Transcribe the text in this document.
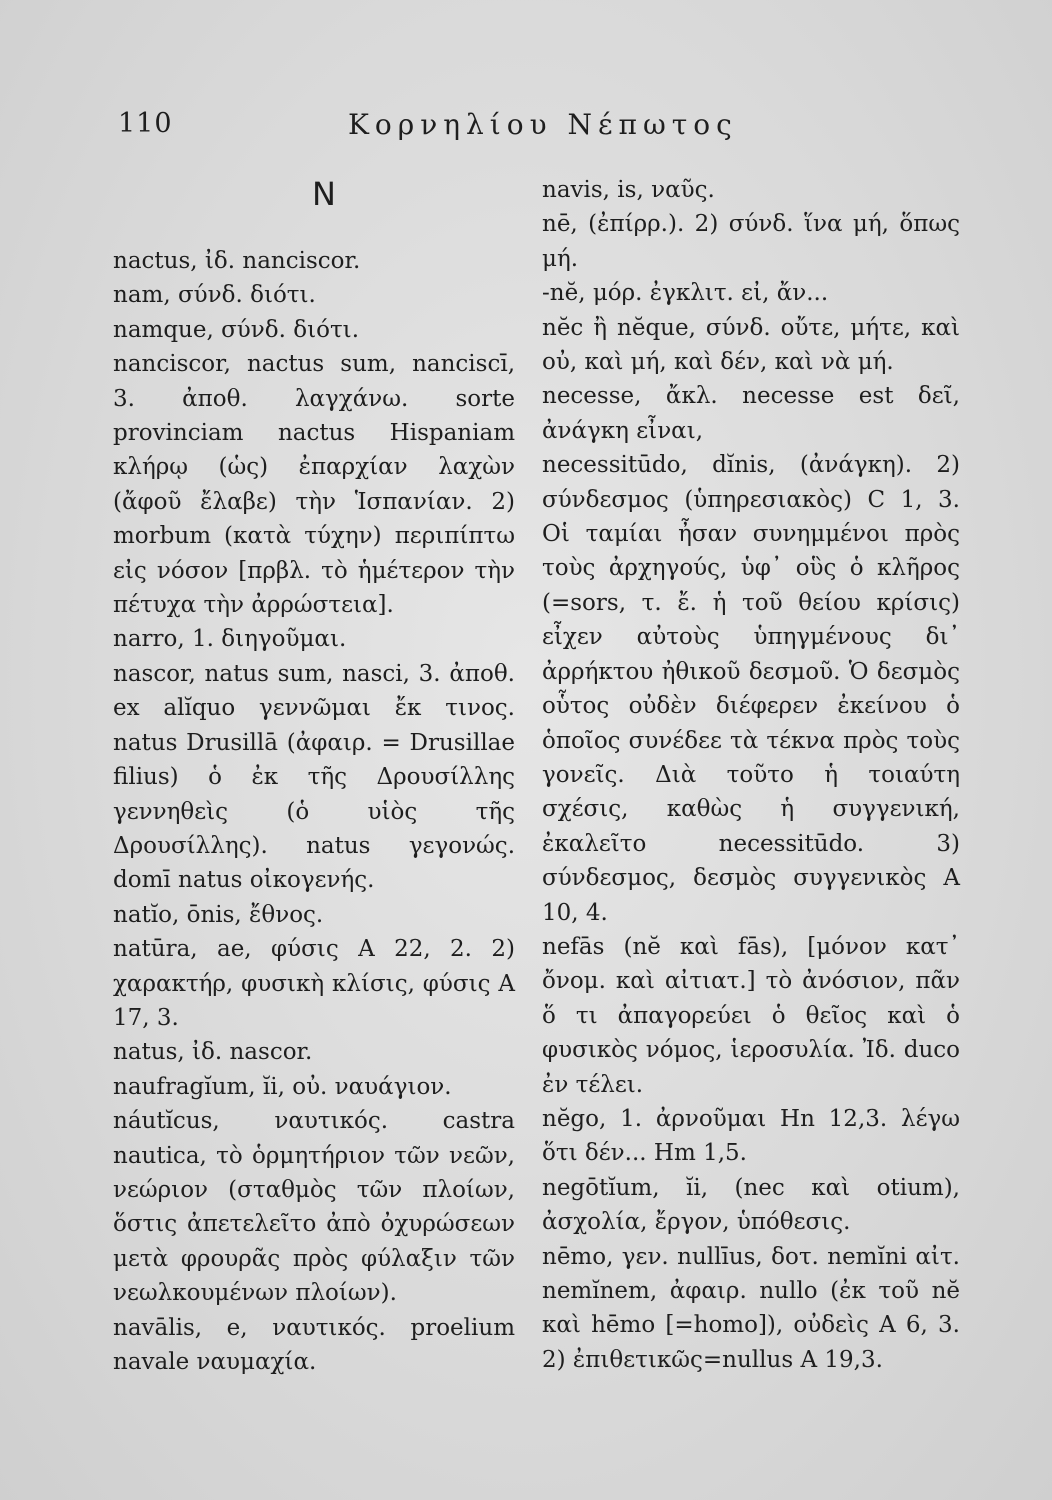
110	Κορνηλίου Νέπωτος
N

nactus, ἰδ. nanciscor.

nam, σύνδ. διότι.

namque, σύνδ. διότι.

nanciscor, nactus sum, nanciscī, 3. ἀποθ. λαγχάνω. sorte provinciam nactus Hispaniam κλήρῳ (ὡς) ἐπαρχίαν λαχὼν (ἄφοῦ ἔλαβε) τὴν Ἱσπανίαν. 2) morbum (κατὰ τύχην) περιπίπτω εἰς νόσον [πρβλ. τὸ ἡμέτερον τὴν πέτυχα τὴν ἀρρώστεια].

narro, 1. διηγοῦμαι.

nascor, natus sum, nasci, 3. ἀποθ. ex alĭquo γεννῶμαι ἔκ τινος. natus Drusillā (ἀφαιρ. = Drusillae filius) ὁ ἐκ τῆς Δρουσίλλης γεννηθεὶς (ὁ υἱὸς τῆς Δρουσίλλης). natus γεγονώς. domī natus οἰκογενής.

natĭo, ōnis, ἔθνος.

natūra, ae, φύσις A 22, 2. 2) χαρακτήρ, φυσικὴ κλίσις, φύσις A 17, 3.

natus, ἰδ. nascor.

naufragĭum, ĭi, οὐ. ναυάγιον.

náutĭcus, ναυτικός. castra nautica, τὸ ὁρμητήριον τῶν νεῶν, νεώριον (σταθμὸς τῶν πλοίων, ὅστις ἀπετελεῖτο ἀπὸ ὀχυρώσεων μετὰ φρουρᾶς πρὸς φύλαξιν τῶν νεωλκουμένων πλοίων).

navālis, e, ναυτικός. proelium navale ναυμαχία.

navis, is, ναῦς.

nē, (ἐπίρρ.). 2) σύνδ. ἵνα μή, ὅπως μή.

-nĕ, μόρ. ἐγκλιτ. εἰ, ἄν...

nĕc ἢ nĕque, σύνδ. οὔτε, μήτε, καὶ οὐ, καὶ μή, καὶ δέν, καὶ νὰ μή.

necesse, ἄκλ. necesse est δεῖ, ἀνάγκη εἶναι,

necessitūdo, dĭnis, (ἀνάγκη). 2) σύνδεσμος (ὑπηρεσιακὸς) C 1, 3. Οἱ ταμίαι ἦσαν συνημμένοι πρὸς τοὺς ἀρχηγούς, ὑφ᾽ οὓς ὁ κλῆρος (=sors, τ. ἔ. ἡ τοῦ θείου κρίσις) εἶχεν αὐτοὺς ὑπηγμένους δι᾽ ἀρρήκτου ἠθικοῦ δεσμοῦ. Ὁ δεσμὸς οὗτος οὐδὲν διέφερεν ἐκείνου ὁ ὁποῖος συνέδεε τὰ τέκνα πρὸς τοὺς γονεῖς. Διὰ τοῦτο ἡ τοιαύτη σχέσις, καθὼς ἡ συγγενική, ἐκαλεῖτο necessitūdo. 3) σύνδεσμος, δεσμὸς συγγενικὸς A 10, 4.

nefās (nĕ καὶ fās), [μόνον κατ᾽ ὄνομ. καὶ αἰτιατ.] τὸ ἀνόσιον, πᾶν ὅ τι ἀπαγορεύει ὁ θεῖος καὶ ὁ φυσικὸς νόμος, ἱεροσυλία. Ἰδ. duco ἐν τέλει.

nĕgo, 1. ἀρνοῦμαι Hn 12,3. λέγω ὅτι δέν... Hm 1,5.

negōtĭum, ĭi, (nec καὶ otium), ἀσχολία, ἔργον, ὑπόθεσις.

nēmo, γεν. nullīus, δοτ. nemĭni αἰτ. nemĭnem, ἀφαιρ. nullo (ἐκ τοῦ nĕ καὶ hēmo [=homo]), οὐδεὶς A 6, 3. 2) ἐπιθετικῶς=nullus A 19,3.
